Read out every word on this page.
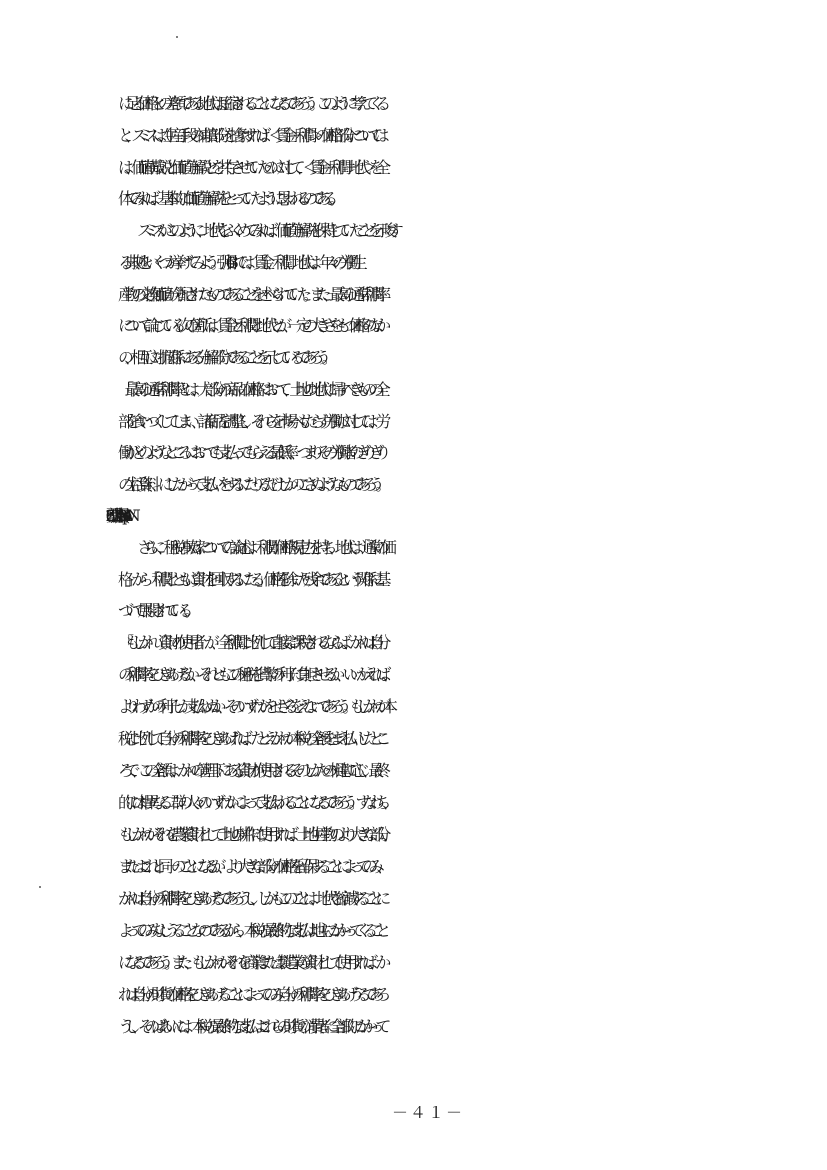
に足る価格との差額である地代は圧縮されることになるであろう。このように考えてくる
と、スミスは、（生産手段の補填部分を捨象すれば）＜賃金＋利潤＞の価格部分については
は、価値構成説と価値分解説とを共存させていたのに対して、＜賃金＋利潤＋地代＞を全
体でみれば、基本的に価値分解説をとっていたように思われるのである。
スミスがこのように、地代をふくめてみれば、価値分解説を保持していたことを示唆す
る典拠をいくつか挙げてみよう。〔引用3-6〕では、賃金、利潤、地代は、年々の労働生
産物の交換価値が分配されたものであることを述べられていた。また、最高の通常利潤率
について論じている次の箇所は、賃金と利潤と地代とが、一定の大きさをもつ価格のなか
の、相互に対抗関係にある分解部分であることを示しているであろう。
「最高の通常利潤率とは、大部分の商品の価格において、土地の地代に帰すべきものの全
部を食いつくしてしまい、諸商品を調整し、それらを市場へもたらす労働に対しては、労
働がどのようなところにおいても支払ってもらえる最低率、つまりその労働者のぎりぎり
の生活資料、にしたがって支払いをするにたりるだけしかのこさぬようなものであろう。
さらに、租税の転嫁についての論述は、利潤が価格規定力を持ち、地代は「通常の価
格」から「利潤とともに資財を回収するにたる」価格を除いた残余であるという関係に基
づいて展開されている。
「もしかれ〔資財の使用者〕が、全利潤に比例して直接に課税されるならば、かれは自分
の利潤率をひきあげるか、それともこの租税を貨幣の利子に負担させるか、いいかえれば、
よりわずかの利子しか支払わぬか、そのいずれかをせざるをえないであろう。もしかれが本
税に比例して自分の利潤率をひきあげれば、たとえかれが本税の全額をまえ払いしたとこ
ろで、この全額は、かれの管理下にある資財が使用されるそのしかたの相違に応じ、最終
的には相異なる二群の人々のいずれかによって支払われることになるであろう。すなわち、
もしかれがそれを農業資財として土地の耕作に使用すれば、土地生産物のより大きな部分、
またはこれと同一のことになるが、より大きな部分の価格を留保することによってのみ、
かれは自分の利潤率をひきあげるであろうし、しかもこのことは、地代を縮減することに
よってのみなしうることなのであるから、本税の最終的な支払は地主にかかってくること
になるであろう。また、もしかれがそれを商業または製造業の資財として使用すれば、か
れは自分の財貨の価格をひきあげることによってのみ自分の利潤率をひきあげうるであろ
うし、そのばあいには、本税の最終的な支払はこれらの財貨の消費者に全部的にかかって
－４１－
